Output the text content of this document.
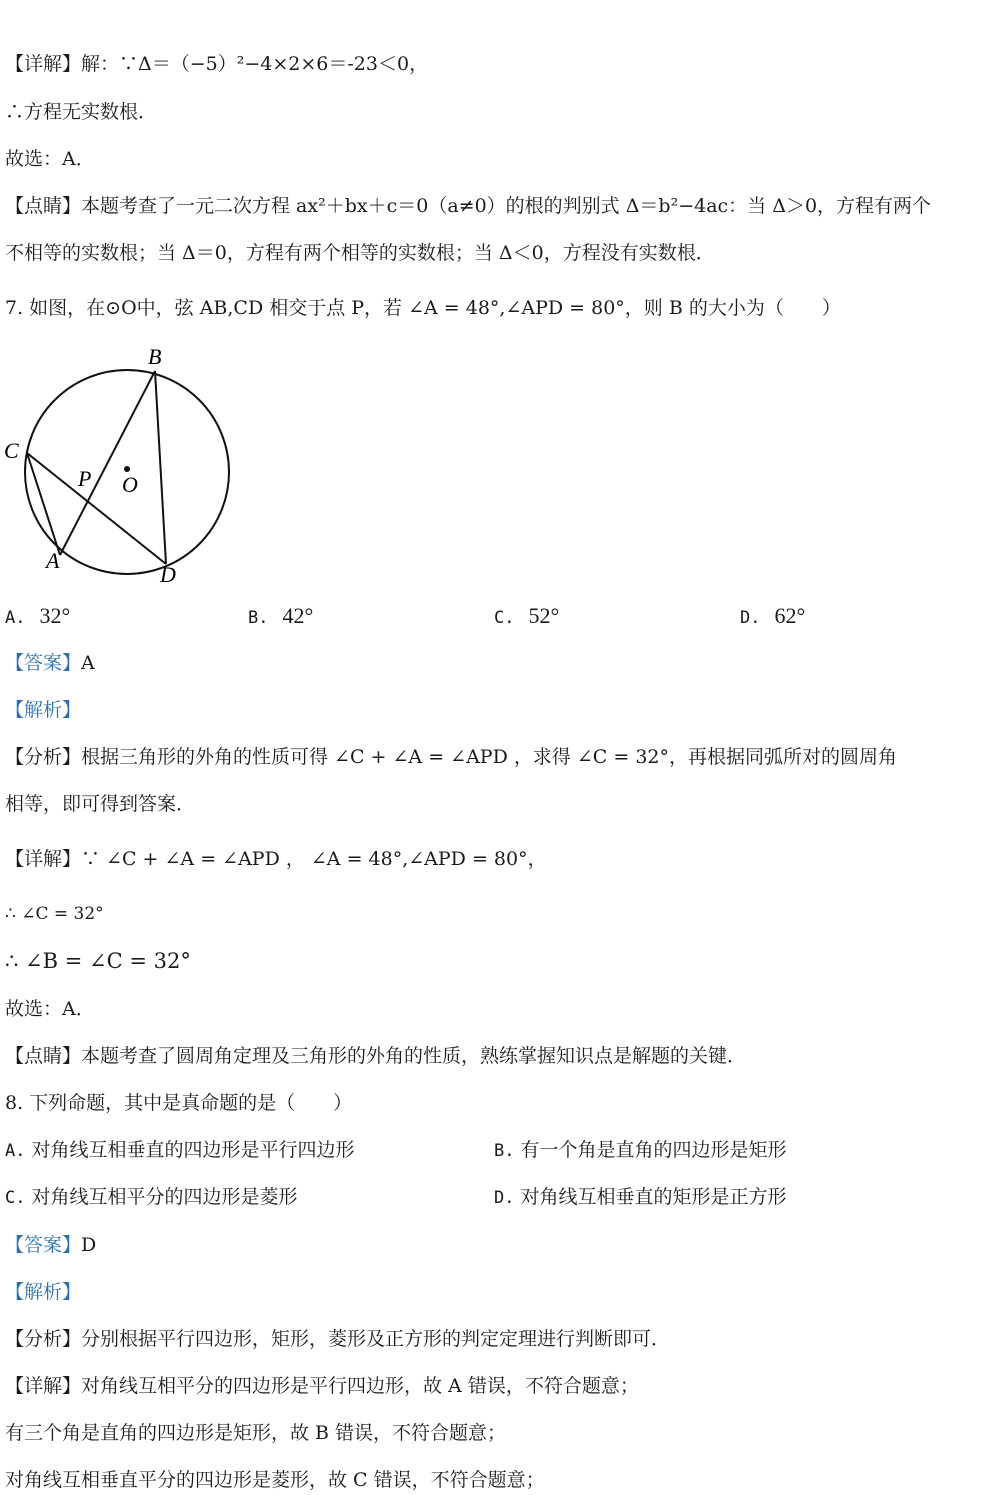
【详解】解：∵Δ＝（−5）²−4×2×6＝-23＜0，
∴方程无实数根．
故选：A．
【点睛】本题考查了一元二次方程 ax²＋bx＋c＝0（a≠0）的根的判别式 Δ＝b²−4ac：当 Δ＞0，方程有两个
不相等的实数根；当 Δ＝0，方程有两个相等的实数根；当 Δ＜0，方程没有实数根．
7. 如图，在⊙O中，弦 AB,CD 相交于点 P，若 ∠A = 48°,∠APD = 80°，则 B 的大小为（　　）
B
C
P O
A
D
A. 32°	B. 42°	C. 52°	D. 62°
【答案】A
【解析】
【分析】根据三角形的外角的性质可得 ∠C + ∠A = ∠APD ，求得 ∠C = 32°，再根据同弧所对的圆周角
相等，即可得到答案．
【详解】∵ ∠C + ∠A = ∠APD ， ∠A = 48°,∠APD = 80°，
∴ ∠C = 32°
∴ ∠B = ∠C = 32°
故选：A．
【点睛】本题考查了圆周角定理及三角形的外角的性质，熟练掌握知识点是解题的关键．
8. 下列命题，其中是真命题的是（　　）
A. 对角线互相垂直的四边形是平行四边形	B. 有一个角是直角的四边形是矩形
C. 对角线互相平分的四边形是菱形	D. 对角线互相垂直的矩形是正方形
【答案】D
【解析】
【分析】分别根据平行四边形，矩形，菱形及正方形的判定定理进行判断即可．
【详解】对角线互相平分的四边形是平行四边形，故 A 错误，不符合题意；
有三个角是直角的四边形是矩形，故 B 错误，不符合题意；
对角线互相垂直平分的四边形是菱形，故 C 错误，不符合题意；
